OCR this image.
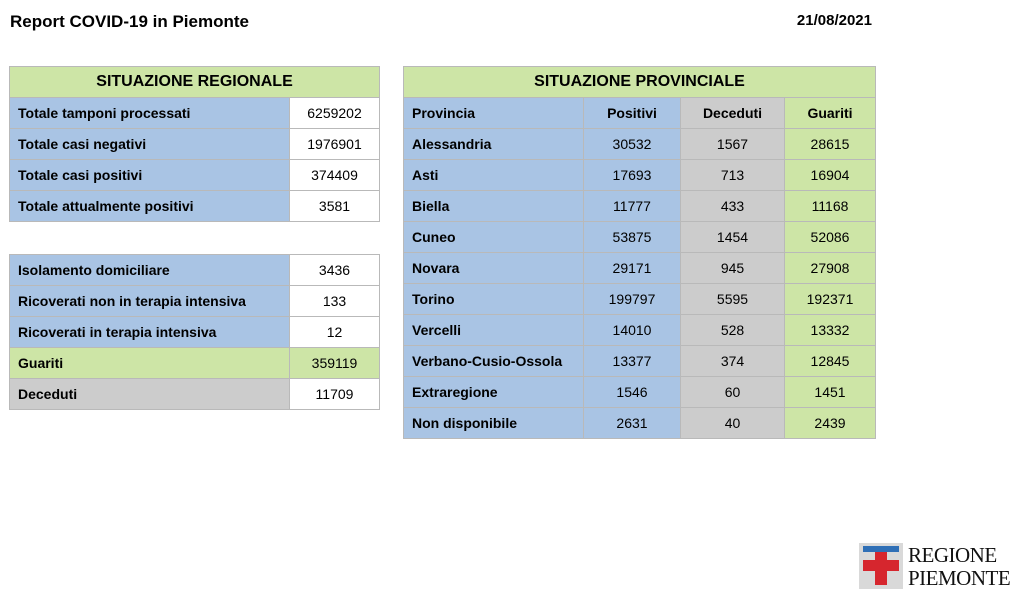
Report COVID-19 in Piemonte	21/08/2021
SITUAZIONE REGIONALE	
Totale tamponi processati	6259202
Totale casi negativi	1976901
Totale casi positivi	374409
Totale attualmente positivi	3581
Isolamento domiciliare	3436
Ricoverati non in terapia intensiva	133
Ricoverati in terapia intensiva	12
Guariti	359119
Deceduti	11709
SITUAZIONE PROVINCIALE			
Provincia	Positivi	Deceduti	Guariti
Alessandria	30532	1567	28615
Asti	17693	713	16904
Biella	11777	433	11168
Cuneo	53875	1454	52086
Novara	29171	945	27908
Torino	199797	5595	192371
Vercelli	14010	528	13332
Verbano-Cusio-Ossola	13377	374	12845
Extraregione	1546	60	1451
Non disponibile	2631	40	2439
REGIONE
PIEMONTE
